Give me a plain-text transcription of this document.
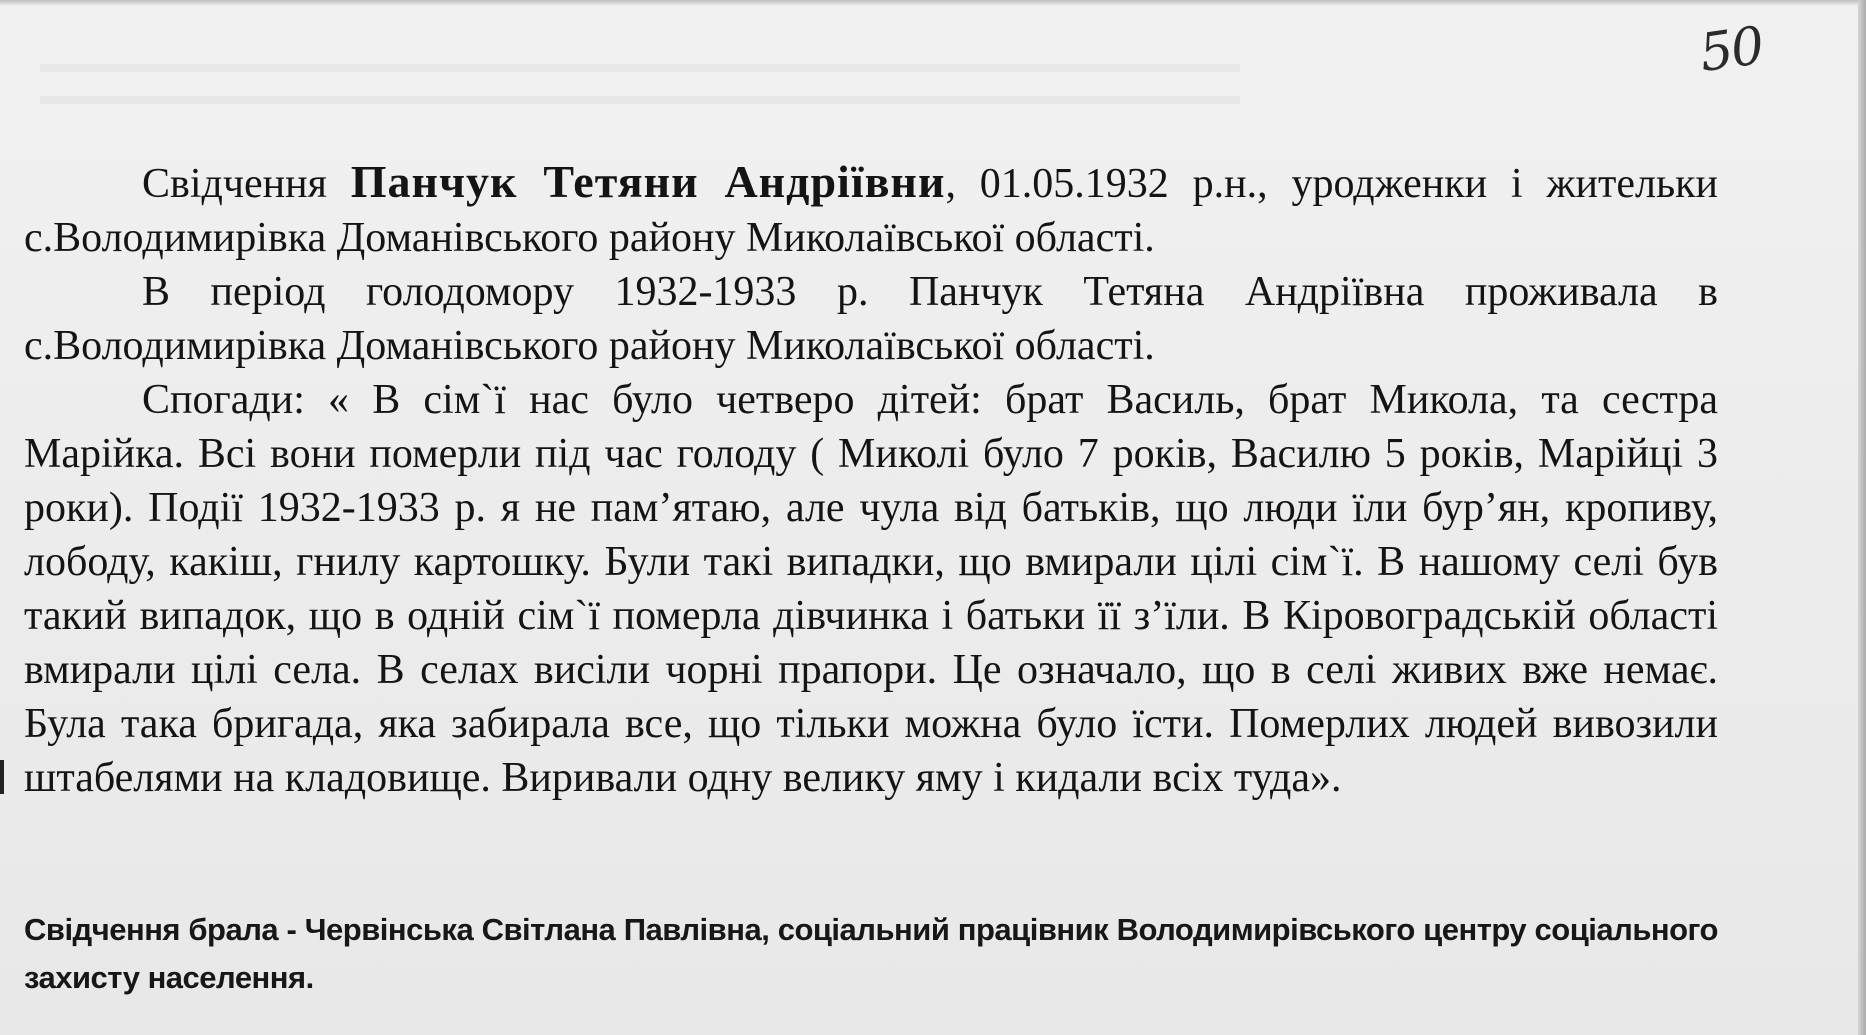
50

Свідчення Панчук Тетяни Андріївни, 01.05.1932 р.н., уродженки і жительки с.Володимирівка Доманівського району Миколаївської області.

В період голодомору 1932-1933 р. Панчук Тетяна Андріївна проживала в с.Володимирівка Доманівського району Миколаївської області.

Спогади: « В сім`ї нас було четверо дітей: брат Василь, брат Микола, та сестра Марійка. Всі вони померли під час голоду ( Миколі було 7 років, Василю 5 років, Марійці 3 роки). Події 1932-1933 р. я не пам’ятаю, але чула від батьків, що люди їли бур’ян, кропиву, лободу, какіш, гнилу картошку. Були такі випадки, що вмирали цілі сім`ї. В нашому селі був такий випадок, що в одній сім`ї померла дівчинка і батьки її з’їли. В Кіровоградській області вмирали цілі села. В селах висіли чорні прапори. Це означало, що в селі живих вже немає. Була така бригада, яка забирала все, що тільки можна було їсти. Померлих людей вивозили штабелями на кладовище. Виривали одну велику яму і кидали всіх туда».

Свідчення брала - Червінська Світлана Павлівна, соціальний працівник Володимирівського центру соціального захисту населення.
